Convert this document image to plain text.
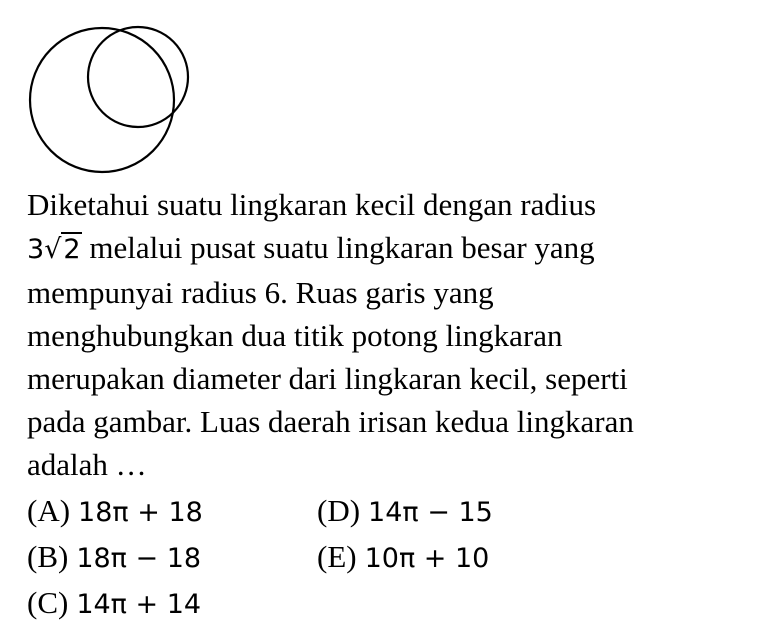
Diketahui suatu lingkaran kecil dengan radius

3√2 melalui pusat suatu lingkaran besar yang

mempunyai radius 6. Ruas garis yang

menghubungkan dua titik potong lingkaran

merupakan diameter dari lingkaran kecil, seperti

pada gambar. Luas daerah irisan kedua lingkaran

adalah …

(A) 18π + 18	(D) 14π − 15
(B) 18π − 18	(E) 10π + 10
(C) 14π + 14
